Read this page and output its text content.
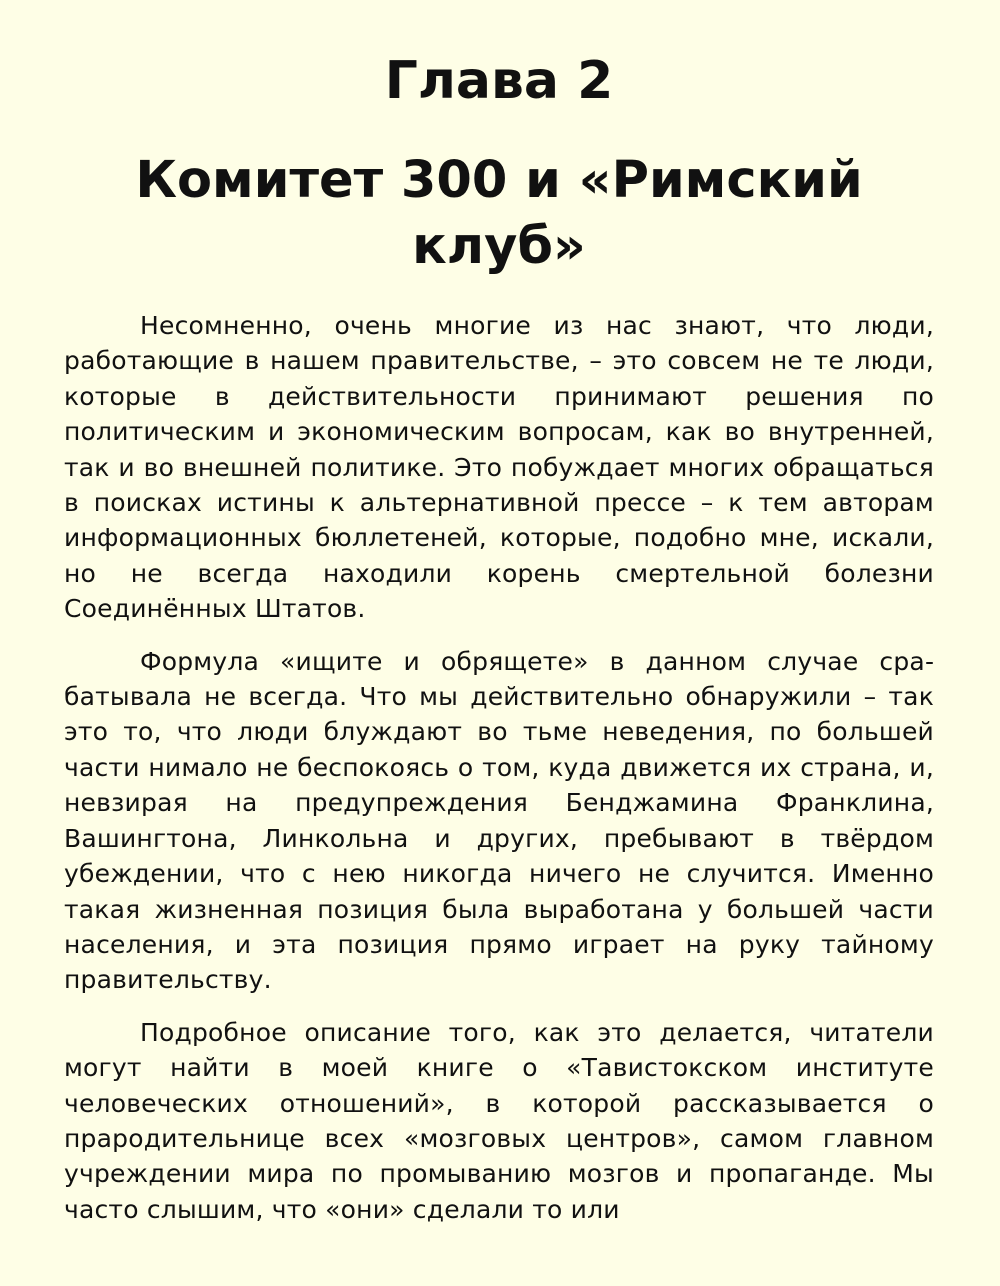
Глава 2
Комитет 300 и «Римский
клуб»

Несомненно, очень многие из нас знают, что люди, работающие в нашем правительстве, – это совсем не те люди, которые в действительности принимают решения по политическим и экономическим вопросам, как во внутренней, так и во внешней политике. Это побуждает многих обращаться в поисках истины к альтернативной прессе – к тем авторам информационных бюллетеней, которые, подобно мне, искали, но не всегда находили корень смертельной болезни Соединённых Штатов.

Формула «ищите и обрящете» в данном случае срабатывала не всегда. Что мы действительно обнаружили – так это то, что люди блуждают во тьме неведения, по большей части нимало не беспокоясь о том, куда движется их страна, и, невзирая на предупреждения Бенджамина Франклина, Вашингтона, Линкольна и других, пребывают в твёрдом убеждении, что с нею никогда ничего не случится. Именно такая жизненная позиция была выработана у большей части населения, и эта позиция прямо играет на руку тайному правительству.

Подробное описание того, как это делается, читатели могут найти в моей книге о «Тавистокском институте человеческих отношений», в которой рассказывается о прародительнице всех «мозговых центров», самом главном учреждении мира по промыванию мозгов и пропаганде. Мы часто слышим, что «они» сделали то или
